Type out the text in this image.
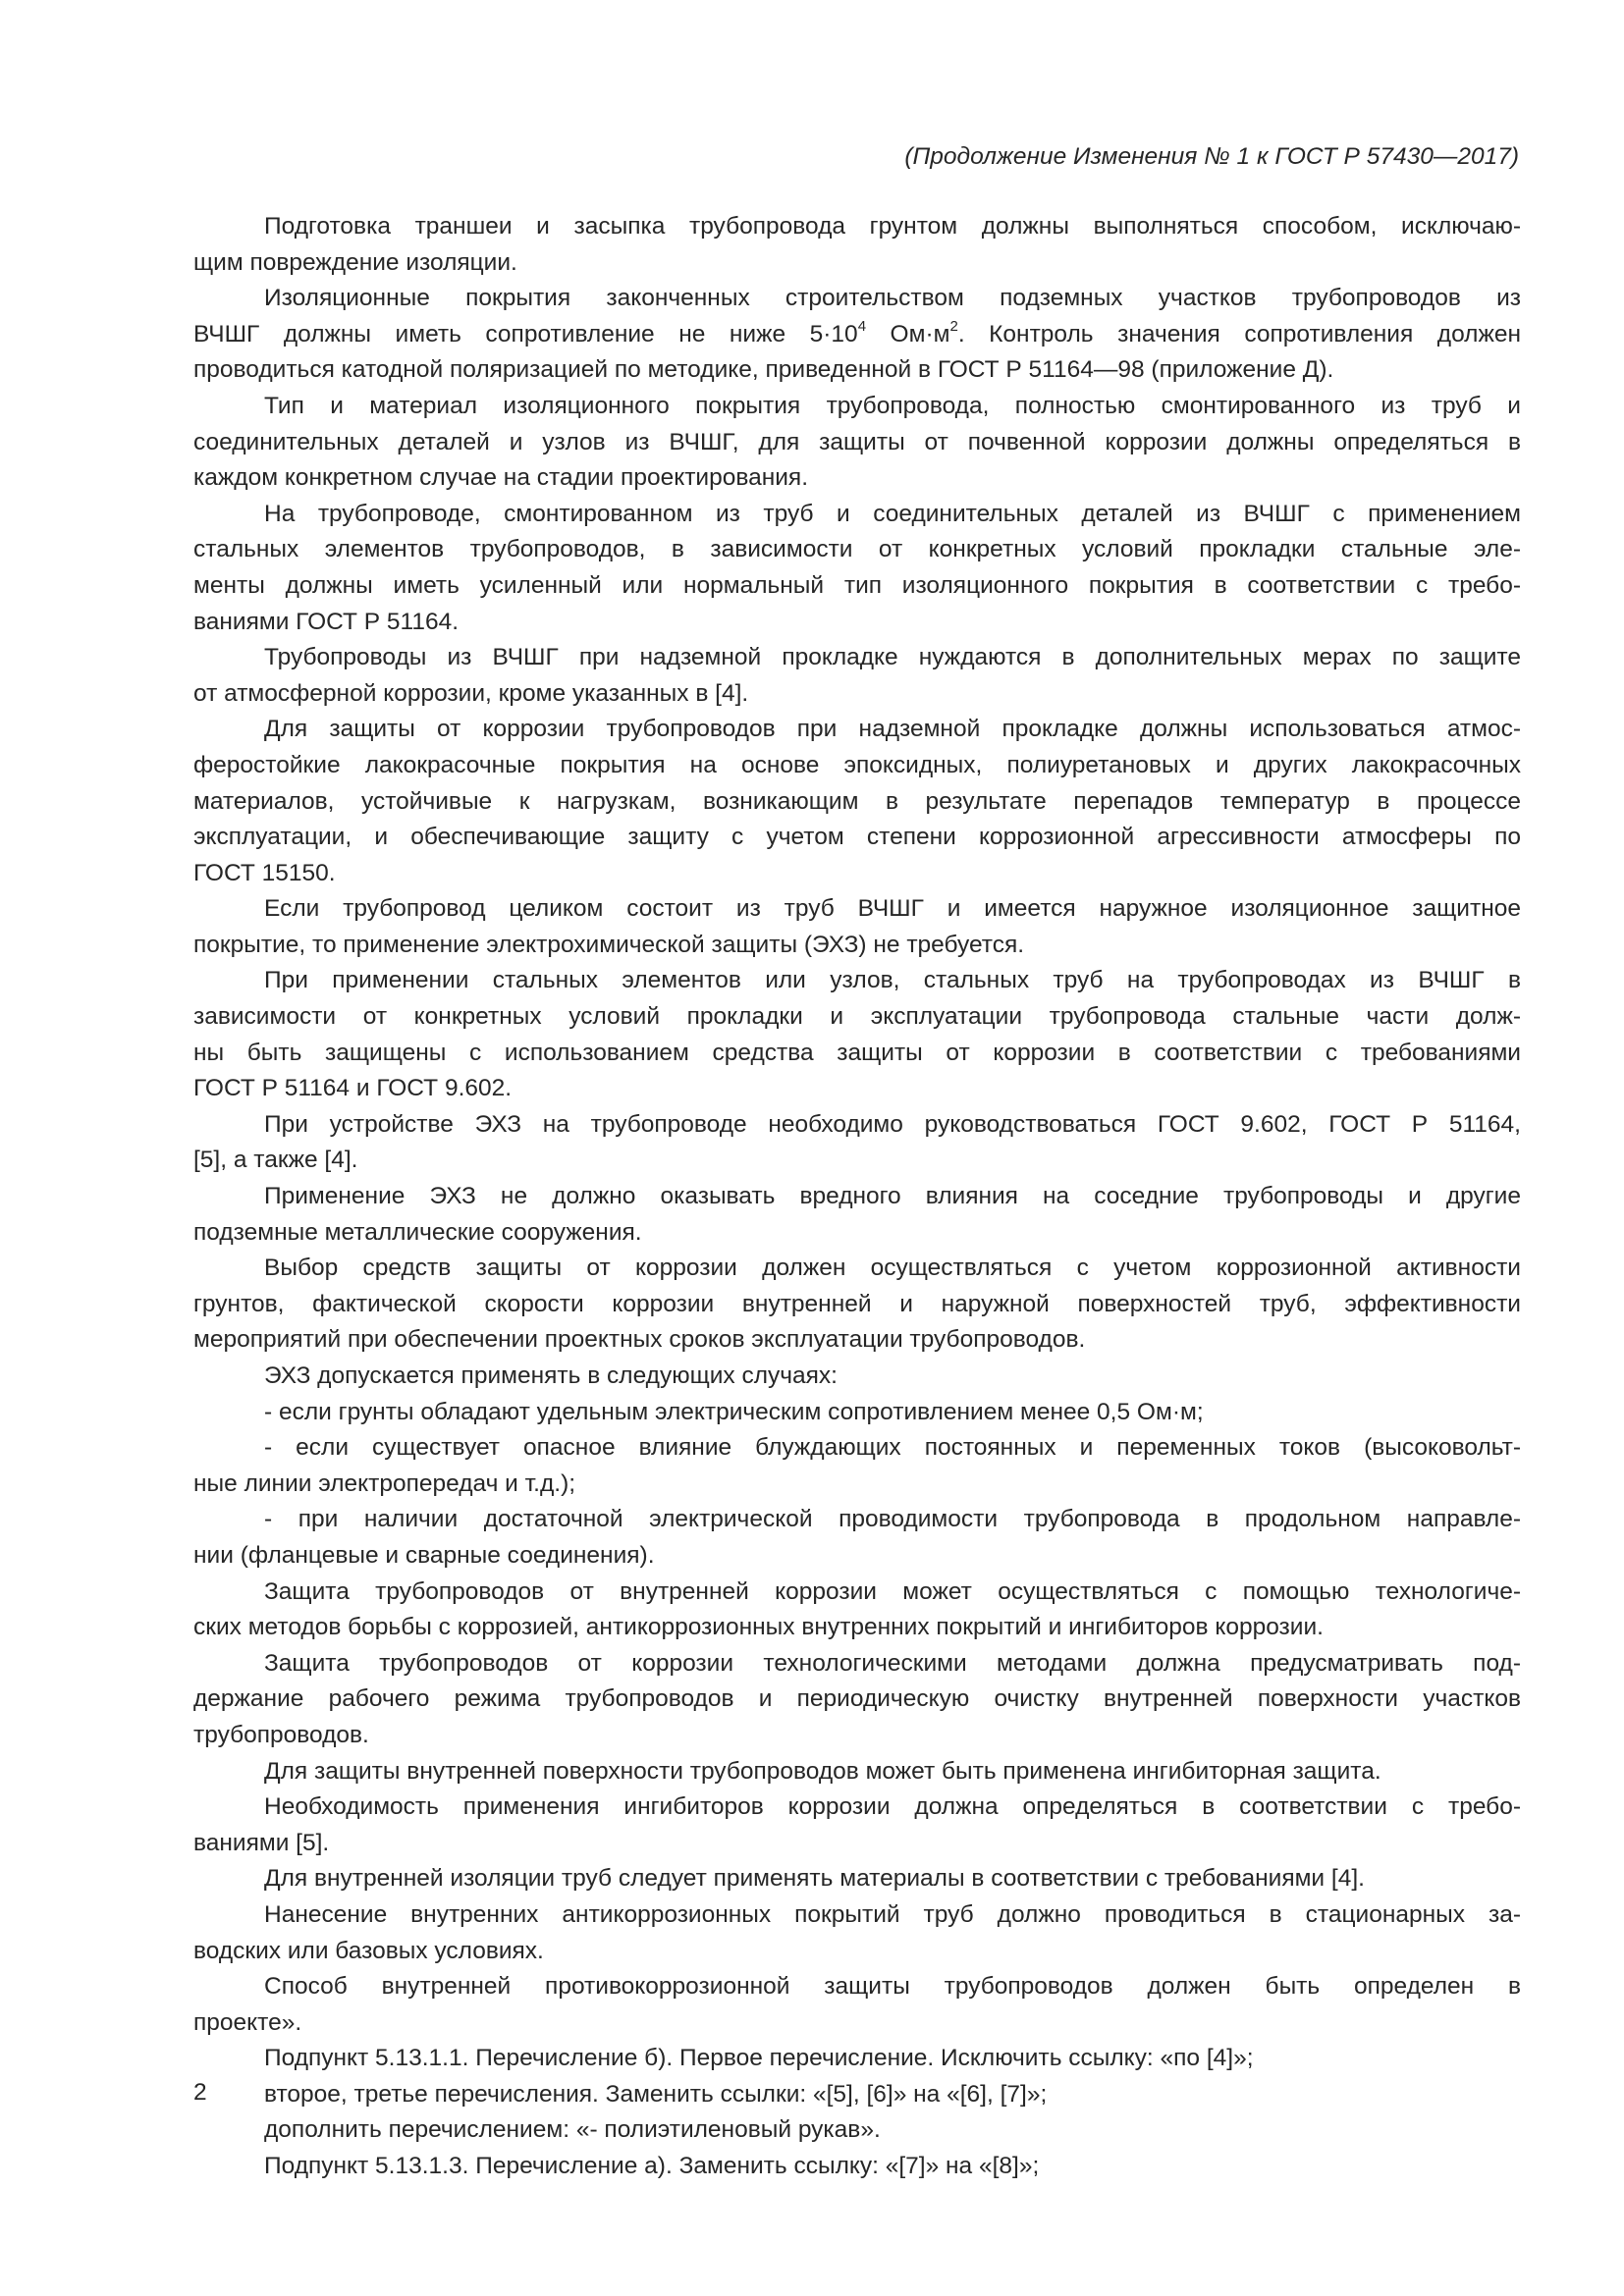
(Продолжение Изменения № 1 к ГОСТ Р 57430—2017)
Подготовка траншеи и засыпка трубопровода грунтом должны выполняться способом, исключаю-
щим повреждение изоляции.
Изоляционные покрытия законченных строительством подземных участков трубопроводов из
ВЧШГ должны иметь сопротивление не ниже $5\cdot 10^4$ $Ом\cdot м^2$. Контроль значения сопротивления должен
проводиться катодной поляризацией по методике, приведенной в ГОСТ Р 51164—98 (приложение Д).
Тип и материал изоляционного покрытия трубопровода, полностью смонтированного из труб и
соединительных деталей и узлов из ВЧШГ, для защиты от почвенной коррозии должны определяться в
каждом конкретном случае на стадии проектирования.
На трубопроводе, смонтированном из труб и соединительных деталей из ВЧШГ с применением
стальных элементов трубопроводов, в зависимости от конкретных условий прокладки стальные эле-
менты должны иметь усиленный или нормальный тип изоляционного покрытия в соответствии с требо-
ваниями ГОСТ Р 51164.
Трубопроводы из ВЧШГ при надземной прокладке нуждаются в дополнительных мерах по защите
от атмосферной коррозии, кроме указанных в [4].
Для защиты от коррозии трубопроводов при надземной прокладке должны использоваться атмос-
феростойкие лакокрасочные покрытия на основе эпоксидных, полиуретановых и других лакокрасочных
материалов, устойчивые к нагрузкам, возникающим в результате перепадов температур в процессе
эксплуатации, и обеспечивающие защиту с учетом степени коррозионной агрессивности атмосферы по
ГОСТ 15150.
Если трубопровод целиком состоит из труб ВЧШГ и имеется наружное изоляционное защитное
покрытие, то применение электрохимической защиты (ЭХЗ) не требуется.
При применении стальных элементов или узлов, стальных труб на трубопроводах из ВЧШГ в
зависимости от конкретных условий прокладки и эксплуатации трубопровода стальные части долж-
ны быть защищены с использованием средства защиты от коррозии в соответствии с требованиями
ГОСТ Р 51164 и ГОСТ 9.602.
При устройстве ЭХЗ на трубопроводе необходимо руководствоваться ГОСТ 9.602, ГОСТ Р 51164,
[5], а также [4].
Применение ЭХЗ не должно оказывать вредного влияния на соседние трубопроводы и другие
подземные металлические сооружения.
Выбор средств защиты от коррозии должен осуществляться с учетом коррозионной активности
грунтов, фактической скорости коррозии внутренней и наружной поверхностей труб, эффективности
мероприятий при обеспечении проектных сроков эксплуатации трубопроводов.
ЭХЗ допускается применять в следующих случаях:
- если грунты обладают удельным электрическим сопротивлением менее 0,5 Ом·м;
- если существует опасное влияние блуждающих постоянных и переменных токов (высоковольт-
ные линии электропередач и т.д.);
- при наличии достаточной электрической проводимости трубопровода в продольном направле-
нии (фланцевые и сварные соединения).
Защита трубопроводов от внутренней коррозии может осуществляться с помощью технологиче-
ских методов борьбы с коррозией, антикоррозионных внутренних покрытий и ингибиторов коррозии.
Защита трубопроводов от коррозии технологическими методами должна предусматривать под-
держание рабочего режима трубопроводов и периодическую очистку внутренней поверхности участков
трубопроводов.
Для защиты внутренней поверхности трубопроводов может быть применена ингибиторная защита.
Необходимость применения ингибиторов коррозии должна определяться в соответствии с требо-
ваниями [5].
Для внутренней изоляции труб следует применять материалы в соответствии с требованиями [4].
Нанесение внутренних антикоррозионных покрытий труб должно проводиться в стационарных за-
водских или базовых условиях.
Способ внутренней противокоррозионной защиты трубопроводов должен быть определен в
проекте».
Подпункт 5.13.1.1. Перечисление б). Первое перечисление. Исключить ссылку: «по [4]»;
второе, третье перечисления. Заменить ссылки: «[5], [6]» на «[6], [7]»;
дополнить перечислением: «- полиэтиленовый рукав».
Подпункт 5.13.1.3. Перечисление а). Заменить ссылку: «[7]» на «[8]»;
2
